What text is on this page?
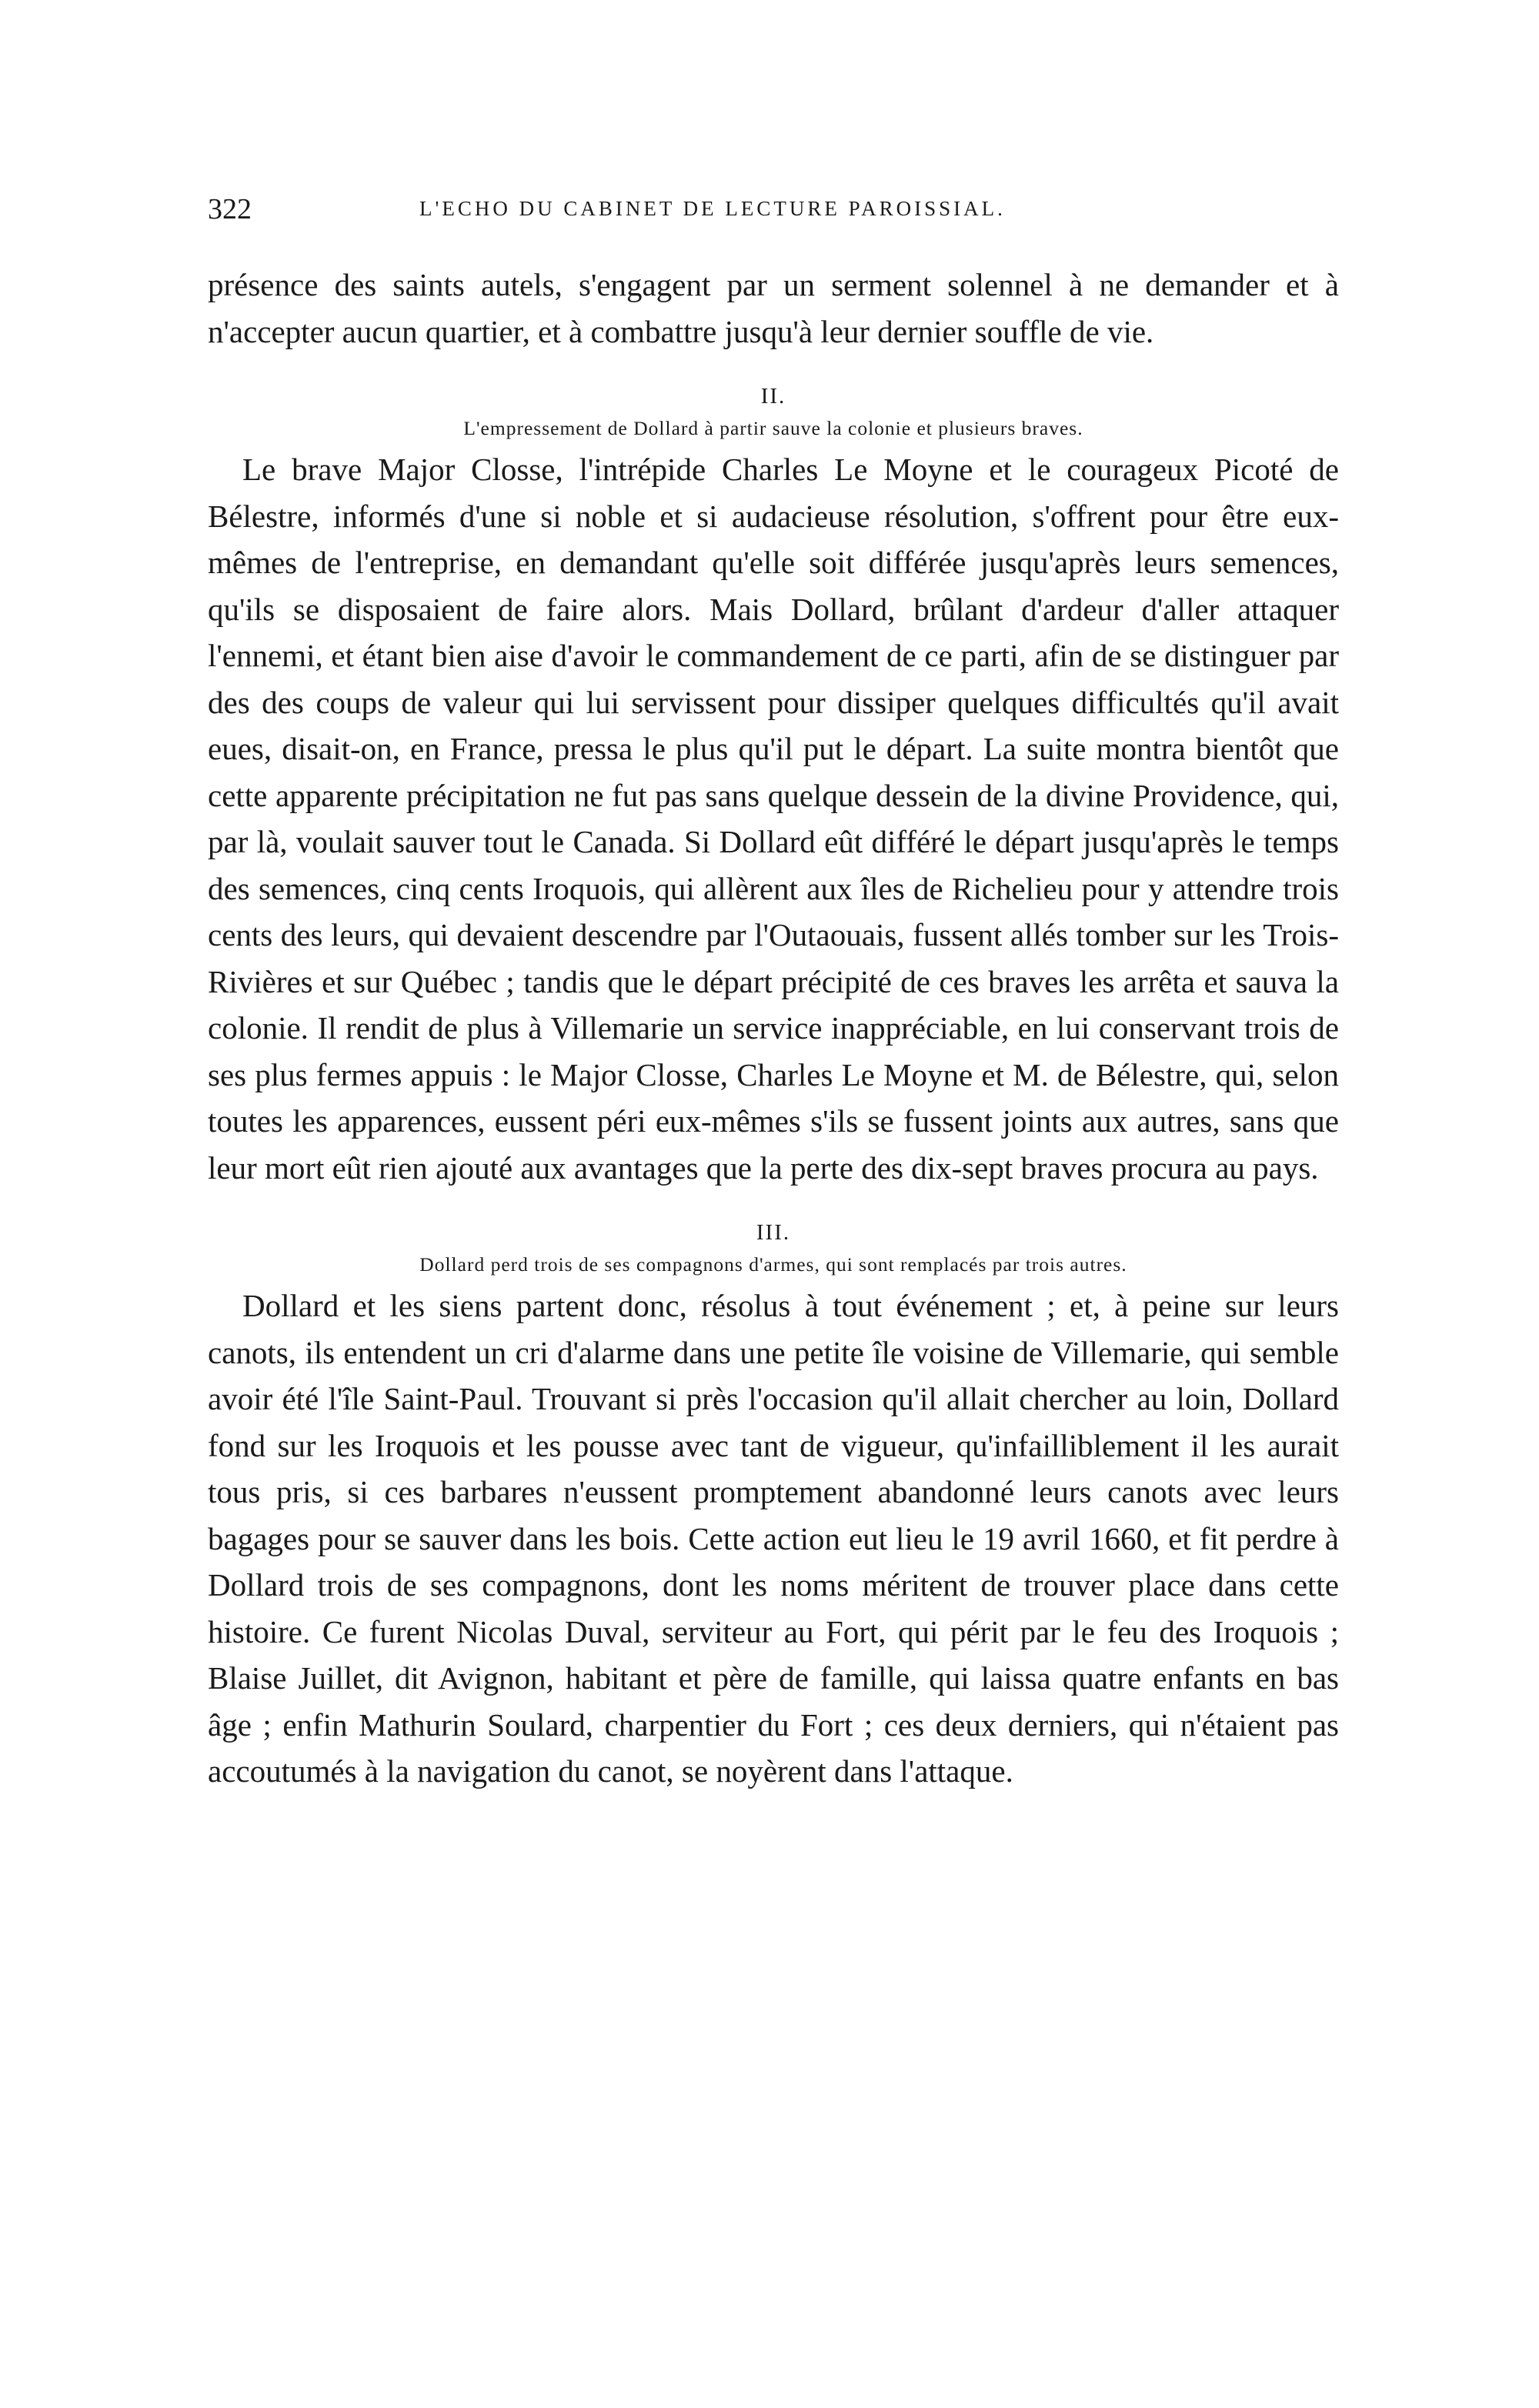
322	L'ECHO DU CABINET DE LECTURE PAROISSIAL.

présence des saints autels, s'engagent par un serment solennel à ne demander et à n'accepter aucun quartier, et à combattre jusqu'à leur dernier souffle de vie.

II.
L'empressement de Dollard à partir sauve la colonie et plusieurs braves.

Le brave Major Closse, l'intrépide Charles Le Moyne et le courageux Picoté de Bélestre, informés d'une si noble et si audacieuse résolution, s'offrent pour être eux-mêmes de l'entreprise, en demandant qu'elle soit différée jusqu'après leurs semences, qu'ils se disposaient de faire alors. Mais Dollard, brûlant d'ardeur d'aller attaquer l'ennemi, et étant bien aise d'avoir le commandement de ce parti, afin de se distinguer par des des coups de valeur qui lui servissent pour dissiper quelques difficultés qu'il avait eues, disait-on, en France, pressa le plus qu'il put le départ. La suite montra bientôt que cette apparente précipitation ne fut pas sans quelque dessein de la divine Providence, qui, par là, voulait sauver tout le Canada. Si Dollard eût différé le départ jusqu'après le temps des semences, cinq cents Iroquois, qui allèrent aux îles de Richelieu pour y attendre trois cents des leurs, qui devaient descendre par l'Outaouais, fussent allés tomber sur les Trois-Rivières et sur Québec ; tandis que le départ précipité de ces braves les arrêta et sauva la colonie. Il rendit de plus à Villemarie un service inappréciable, en lui conservant trois de ses plus fermes appuis : le Major Closse, Charles Le Moyne et M. de Bélestre, qui, selon toutes les apparences, eussent péri eux-mêmes s'ils se fussent joints aux autres, sans que leur mort eût rien ajouté aux avantages que la perte des dix-sept braves procura au pays.

III.
Dollard perd trois de ses compagnons d'armes, qui sont remplacés par trois autres.

Dollard et les siens partent donc, résolus à tout événement ; et, à peine sur leurs canots, ils entendent un cri d'alarme dans une petite île voisine de Villemarie, qui semble avoir été l'île Saint-Paul. Trouvant si près l'occasion qu'il allait chercher au loin, Dollard fond sur les Iroquois et les pousse avec tant de vigueur, qu'infailliblement il les aurait tous pris, si ces barbares n'eussent promptement abandonné leurs canots avec leurs bagages pour se sauver dans les bois. Cette action eut lieu le 19 avril 1660, et fit perdre à Dollard trois de ses compagnons, dont les noms méritent de trouver place dans cette histoire. Ce furent Nicolas Duval, serviteur au Fort, qui périt par le feu des Iroquois ; Blaise Juillet, dit Avignon, habitant et père de famille, qui laissa quatre enfants en bas âge ; enfin Mathurin Soulard, charpentier du Fort ; ces deux derniers, qui n'étaient pas accoutumés à la navigation du canot, se noyèrent dans l'attaque.
